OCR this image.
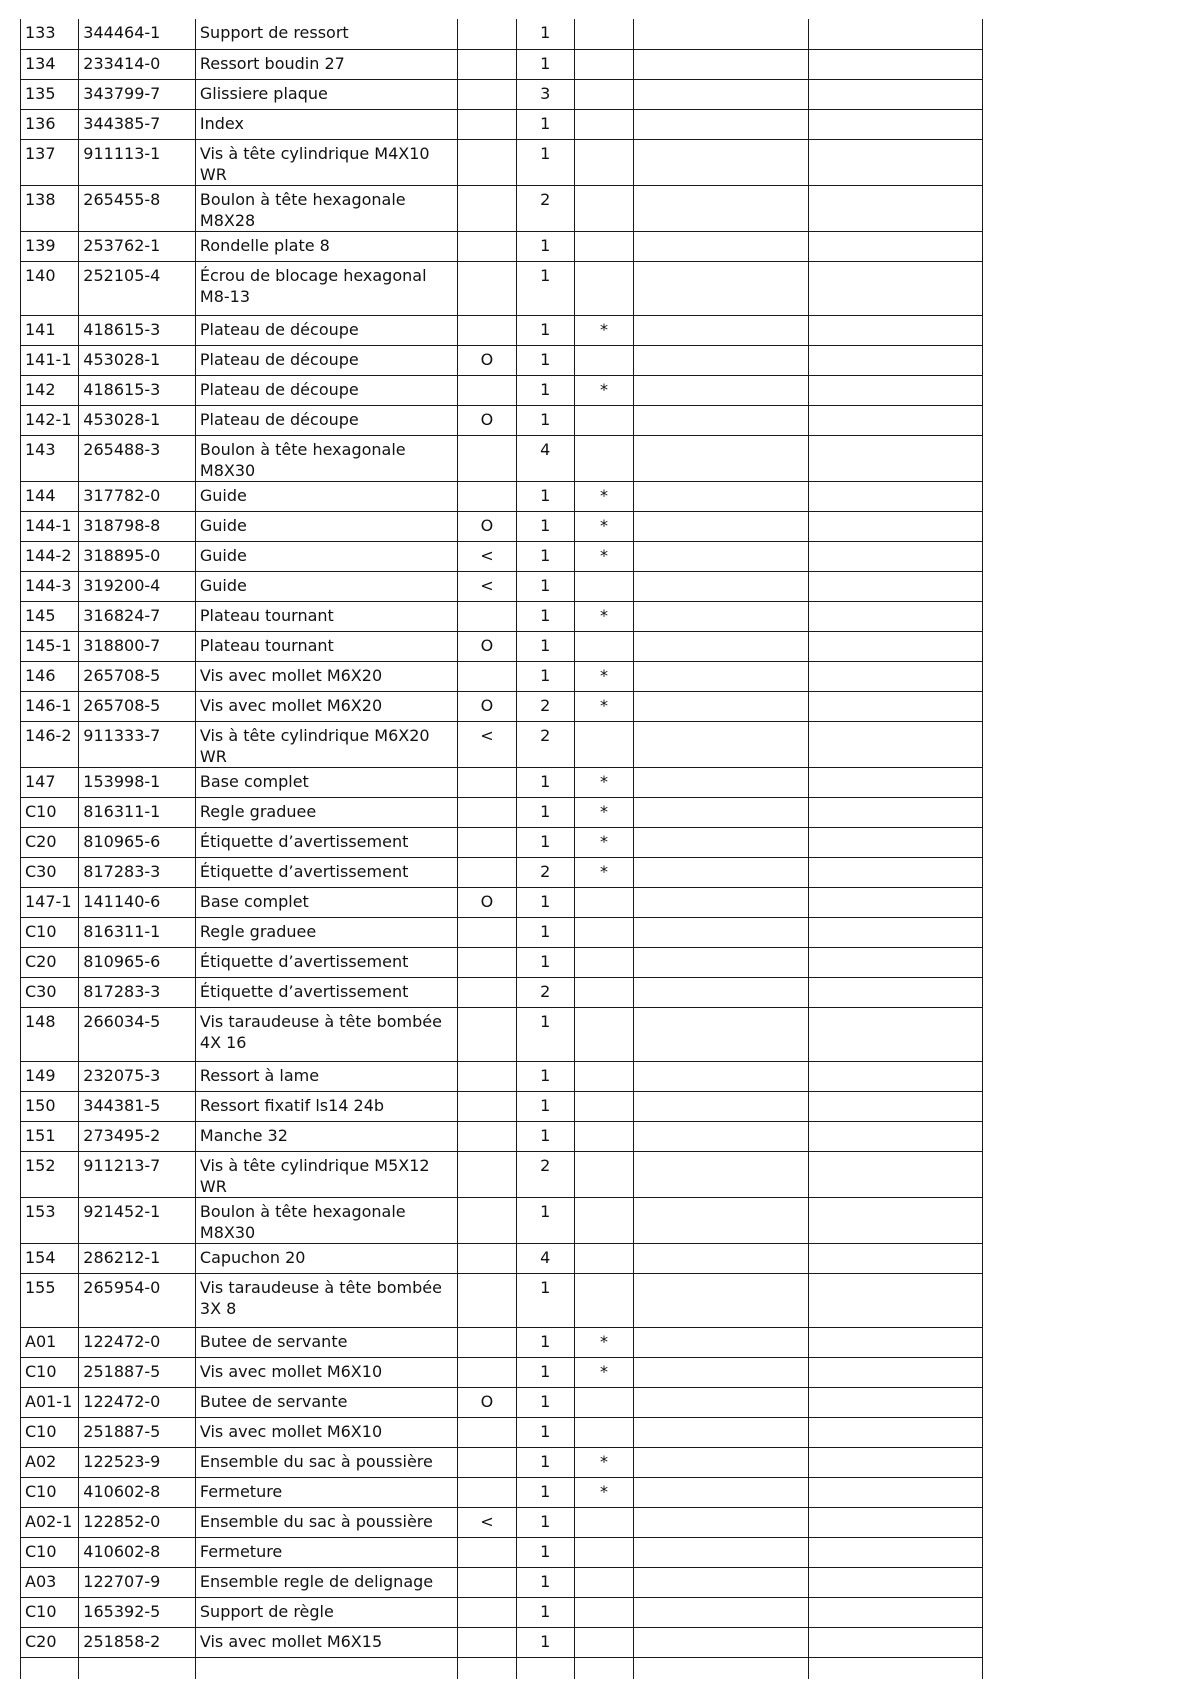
133	344464-1	Support de ressort		1			
134	233414-0	Ressort boudin 27		1			
135	343799-7	Glissiere plaque		3			
136	344385-7	Index		1			
137	911113-1	Vis à tête cylindrique M4X10 WR		1			
138	265455-8	Boulon à tête hexagonale M8X28		2			
139	253762-1	Rondelle plate 8		1			
140	252105-4	Écrou de blocage hexagonal M8-13		1			
141	418615-3	Plateau de découpe		1	*		
141-1	453028-1	Plateau de découpe	O	1			
142	418615-3	Plateau de découpe		1	*		
142-1	453028-1	Plateau de découpe	O	1			
143	265488-3	Boulon à tête hexagonale M8X30		4			
144	317782-0	Guide		1	*		
144-1	318798-8	Guide	O	1	*		
144-2	318895-0	Guide	<	1	*		
144-3	319200-4	Guide	<	1			
145	316824-7	Plateau tournant		1	*		
145-1	318800-7	Plateau tournant	O	1			
146	265708-5	Vis avec mollet M6X20		1	*		
146-1	265708-5	Vis avec mollet M6X20	O	2	*		
146-2	911333-7	Vis à tête cylindrique M6X20 WR	<	2			
147	153998-1	Base complet		1	*		
C10	816311-1	Regle graduee		1	*		
C20	810965-6	Étiquette d’avertissement		1	*		
C30	817283-3	Étiquette d’avertissement		2	*		
147-1	141140-6	Base complet	O	1			
C10	816311-1	Regle graduee		1			
C20	810965-6	Étiquette d’avertissement		1			
C30	817283-3	Étiquette d’avertissement		2			
148	266034-5	Vis taraudeuse à tête bombée 4X 16		1			
149	232075-3	Ressort à lame		1			
150	344381-5	Ressort fixatif ls14 24b		1			
151	273495-2	Manche 32		1			
152	911213-7	Vis à tête cylindrique M5X12 WR		2			
153	921452-1	Boulon à tête hexagonale M8X30		1			
154	286212-1	Capuchon 20		4			
155	265954-0	Vis taraudeuse à tête bombée 3X 8		1			
A01	122472-0	Butee de servante		1	*		
C10	251887-5	Vis avec mollet M6X10		1	*		
A01-1	122472-0	Butee de servante	O	1			
C10	251887-5	Vis avec mollet M6X10		1			
A02	122523-9	Ensemble du sac à poussière		1	*		
C10	410602-8	Fermeture		1	*		
A02-1	122852-0	Ensemble du sac à poussière	<	1			
C10	410602-8	Fermeture		1			
A03	122707-9	Ensemble regle de delignage		1			
C10	165392-5	Support de règle		1			
C20	251858-2	Vis avec mollet M6X15		1			
